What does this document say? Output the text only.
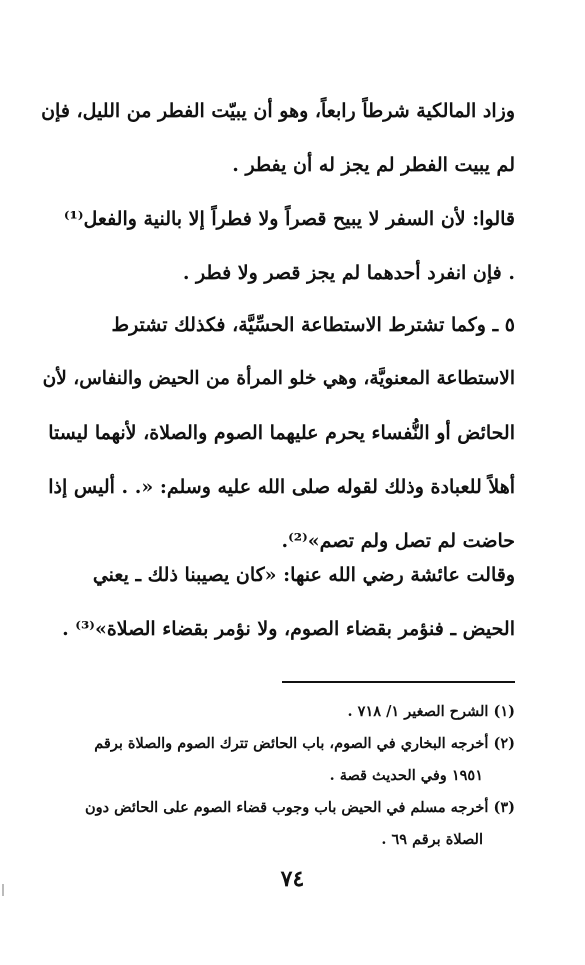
وزاد المالكية شرطاً رابعاً، وهو أن يبيّت الفطر من الليل، فإن
لم يبيت الفطر لم يجز له أن يفطر .
قالوا: لأن السفر لا يبيح قصراً ولا فطراً إلا بالنية والفعل⁽¹⁾
. فإن انفرد أحدهما لم يجز قصر ولا فطر .
٥ ـ وكما تشترط الاستطاعة الحسِّيَّة، فكذلك تشترط
الاستطاعة المعنويَّة، وهي خلو المرأة من الحيض والنفاس، لأن
الحائض أو النُّفساء يحرم عليهما الصوم والصلاة، لأنهما ليستا
أهلاً للعبادة وذلك لقوله صلى الله عليه وسلم: «. . أليس إذا
حاضت لم تصل ولم تصم»⁽²⁾.
وقالت عائشة رضي الله عنها: «كان يصيبنا ذلك ـ يعني
الحيض ـ فنؤمر بقضاء الصوم، ولا نؤمر بقضاء الصلاة»⁽³⁾ .
(١) الشرح الصغير ١/ ٧١٨ .
(٢) أخرجه البخاري في الصوم، باب الحائض تترك الصوم والصلاة برقم
١٩٥١ وفي الحديث قصة .
(٣) أخرجه مسلم في الحيض باب وجوب قضاء الصوم على الحائض دون
الصلاة برقم ٦٩ .
٧٤
